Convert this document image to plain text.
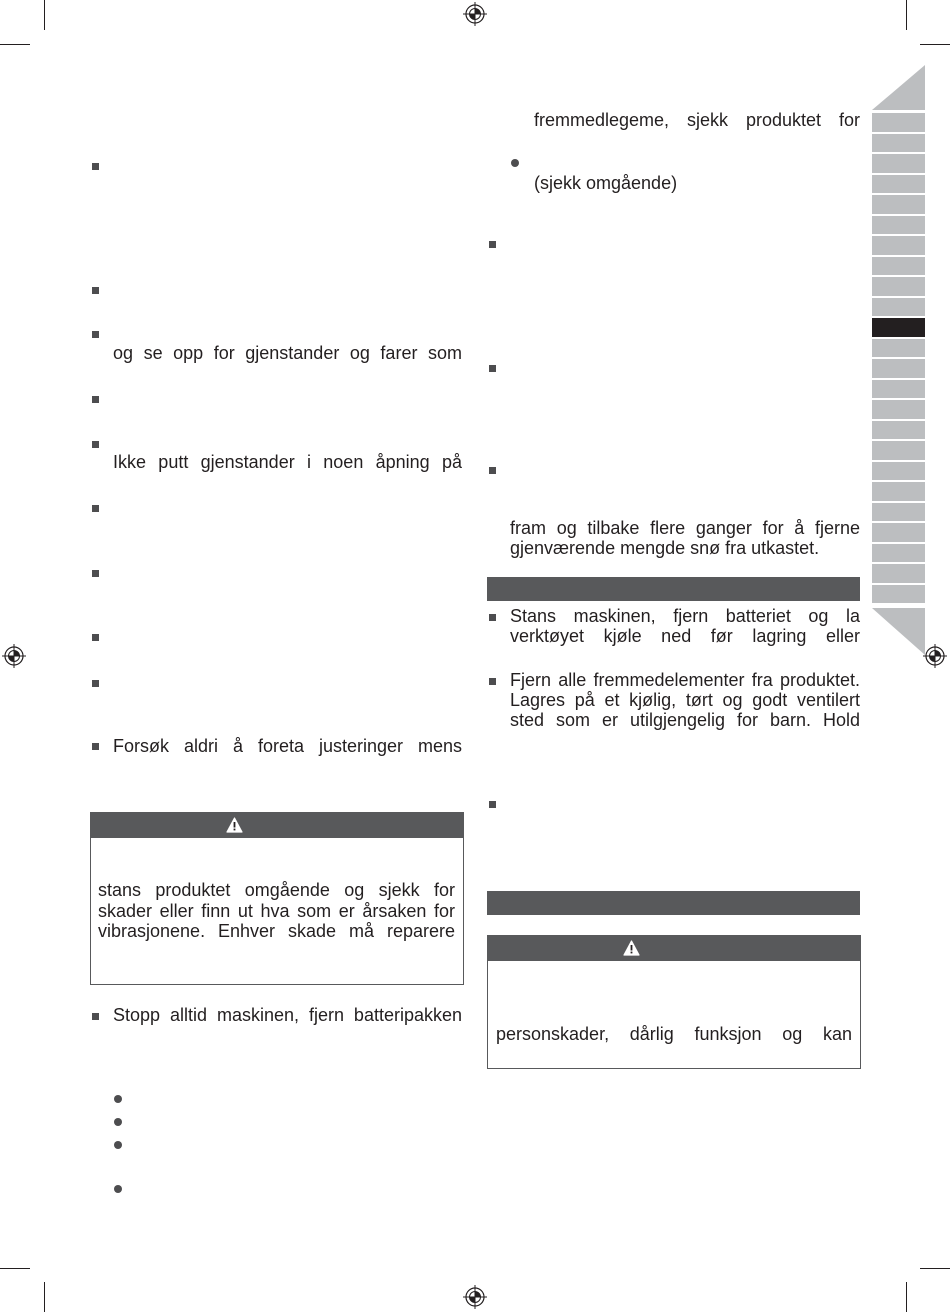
og se opp for gjenstander og farer som
Ikke putt gjenstander i noen åpning på
Forsøk aldri å foreta justeringer mens
stans produktet omgående og sjekk for
skader eller finn ut hva som er årsaken for
vibrasjonene. Enhver skade må reparere
Stopp alltid maskinen, fjern batteripakken
fremmedlegeme, sjekk produktet for
(sjekk omgående)
fram og tilbake flere ganger for å fjerne
gjenværende mengde snø fra utkastet.
Stans maskinen, fjern batteriet og la
verktøyet kjøle ned før lagring eller
Fjern alle fremmedelementer fra produktet.
Lagres på et kjølig, tørt og godt ventilert
sted som er utilgjengelig for barn. Hold
personskader, dårlig funksjon og kan
